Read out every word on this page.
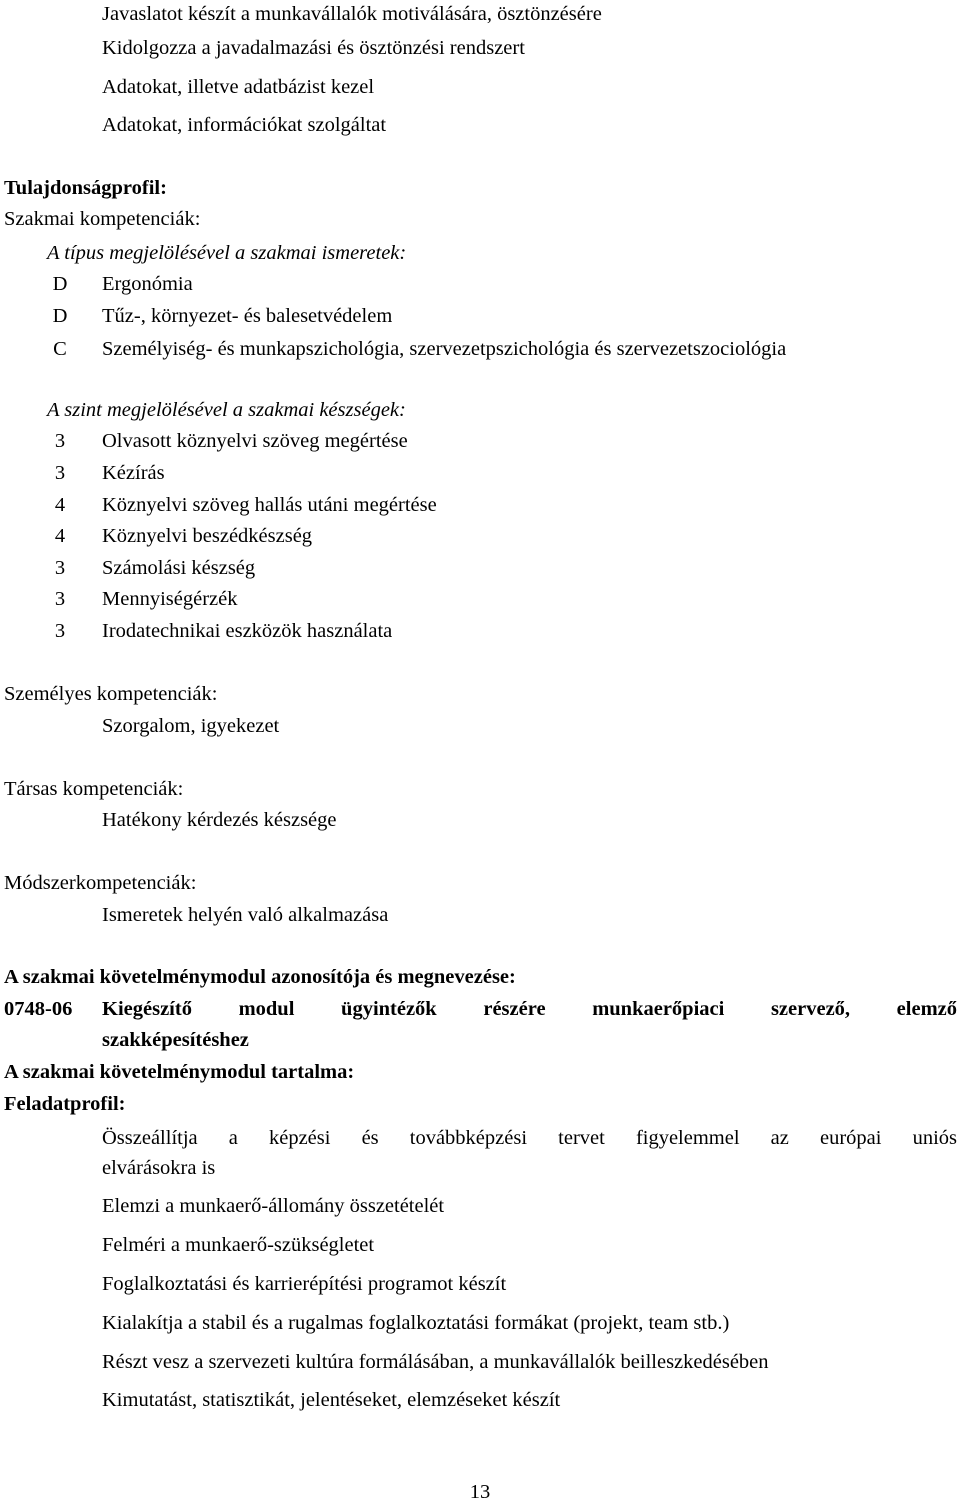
Javaslatot készít a munkavállalók motiválására, ösztönzésére
Kidolgozza a javadalmazási és ösztönzési rendszert
Adatokat, illetve adatbázist kezel
Adatokat, információkat szolgáltat
Tulajdonságprofil:
Szakmai kompetenciák:
A típus megjelölésével a szakmai ismeretek:
D	Ergonómia
D	Tűz-, környezet- és balesetvédelem
C	Személyiség- és munkapszichológia, szervezetpszichológia és szervezetszociológia
A szint megjelölésével a szakmai készségek:
3	Olvasott köznyelvi szöveg megértése
3	Kézírás
4	Köznyelvi szöveg hallás utáni megértése
4	Köznyelvi beszédkészség
3	Számolási készség
3	Mennyiségérzék
3	Irodatechnikai eszközök használata
Személyes kompetenciák:
Szorgalom, igyekezet
Társas kompetenciák:
Hatékony kérdezés készsége
Módszerkompetenciák:
Ismeretek helyén való alkalmazása
A szakmai követelménymodul azonosítója és megnevezése:
0748-06 Kiegészítő modul ügyintézők részére munkaerőpiaci szervező, elemző
szakképesítéshez
A szakmai követelménymodul tartalma:
Feladatprofil:
Összeállítja a képzési és továbbképzési tervet figyelemmel az európai uniós
elvárásokra is
Elemzi a munkaerő-állomány összetételét
Felméri a munkaerő-szükségletet
Foglalkoztatási és karrierépítési programot készít
Kialakítja a stabil és a rugalmas foglalkoztatási formákat (projekt, team stb.)
Részt vesz a szervezeti kultúra formálásában, a munkavállalók beilleszkedésében
Kimutatást, statisztikát, jelentéseket, elemzéseket készít
13
